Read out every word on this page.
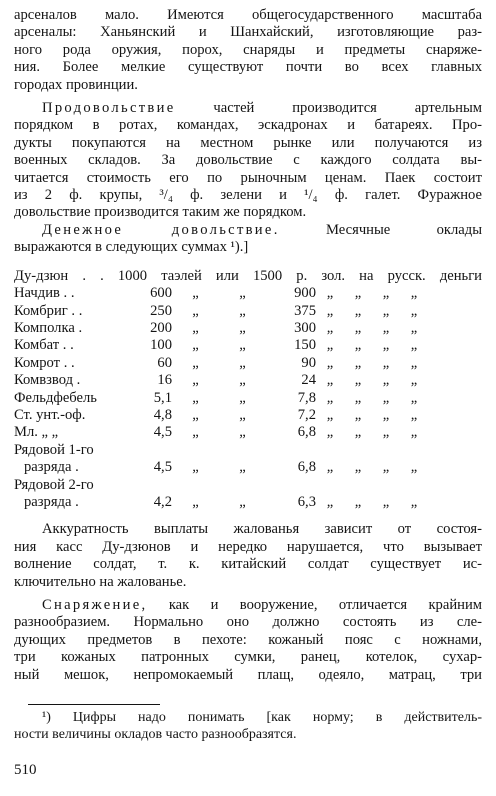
арсеналов мало. Имеются общегосударственного масштаба
арсеналы: Ханьянский и Шанхайский, изготовляющие раз-
ного рода оружия, порох, снаряды и предметы снаряже-
ния. Более мелкие существуют почти во всех главных
городах провинции.
Продовольствие частей производится артельным
порядком в ротах, командах, эскадронах и батареях. Про-
дукты покупаются на местном рынке или получаются из
военных складов. За довольствие с каждого солдата вы-
читается стоимость его по рыночным ценам. Паек состоит
из 2 ф. крупы, ³/₄ ф. зелени и ¹/₄ ф. галет. Фуражное
довольствие производится таким же порядком.
Денежное довольствие. Месячные оклады
выражаются в следующих суммах ¹).]
Ду-дзюн . . 1000 таэлей или 1500 р. зол. на русск. деньги
Начдив . .	600	„	„	900	„	„	„	„
Комбриг . .	250	„	„	375	„	„	„	„
Комполка .	200	„	„	300	„	„	„	„
Комбат . .	100	„	„	150	„	„	„	„
Комрот . .	60	„	„	90	„	„	„	„
Комвзвод .	16	„	„	24	„	„	„	„
Фельдфебель	5,1	„	„	7,8	„	„	„	„
Ст. унт.-оф.	4,8	„	„	7,2	„	„	„	„
Мл. „ „	4,5	„	„	6,8	„	„	„	„
Рядовой 1-го								
разряда .	4,5	„	„	6,8	„	„	„	„
Рядовой 2-го								
разряда .	4,2	„	„	6,3	„	„	„	„
Аккуратность выплаты жалованья зависит от состоя-
ния касс Ду-дзюнов и нередко нарушается, что вызывает
волнение солдат, т. к. китайский солдат существует ис-
ключительно на жалованье.
Снаряжение, как и вооружение, отличается крайним
разнообразием. Нормально оно должно состоять из сле-
дующих предметов в пехоте: кожаный пояс с ножнами,
три кожаных патронных сумки, ранец, котелок, сухар-
ный мешок, непромокаемый плащ, одеяло, матрац, три
¹) Цифры надо понимать [как норму; в действитель-
ности величины окладов часто разнообразятся.
510
